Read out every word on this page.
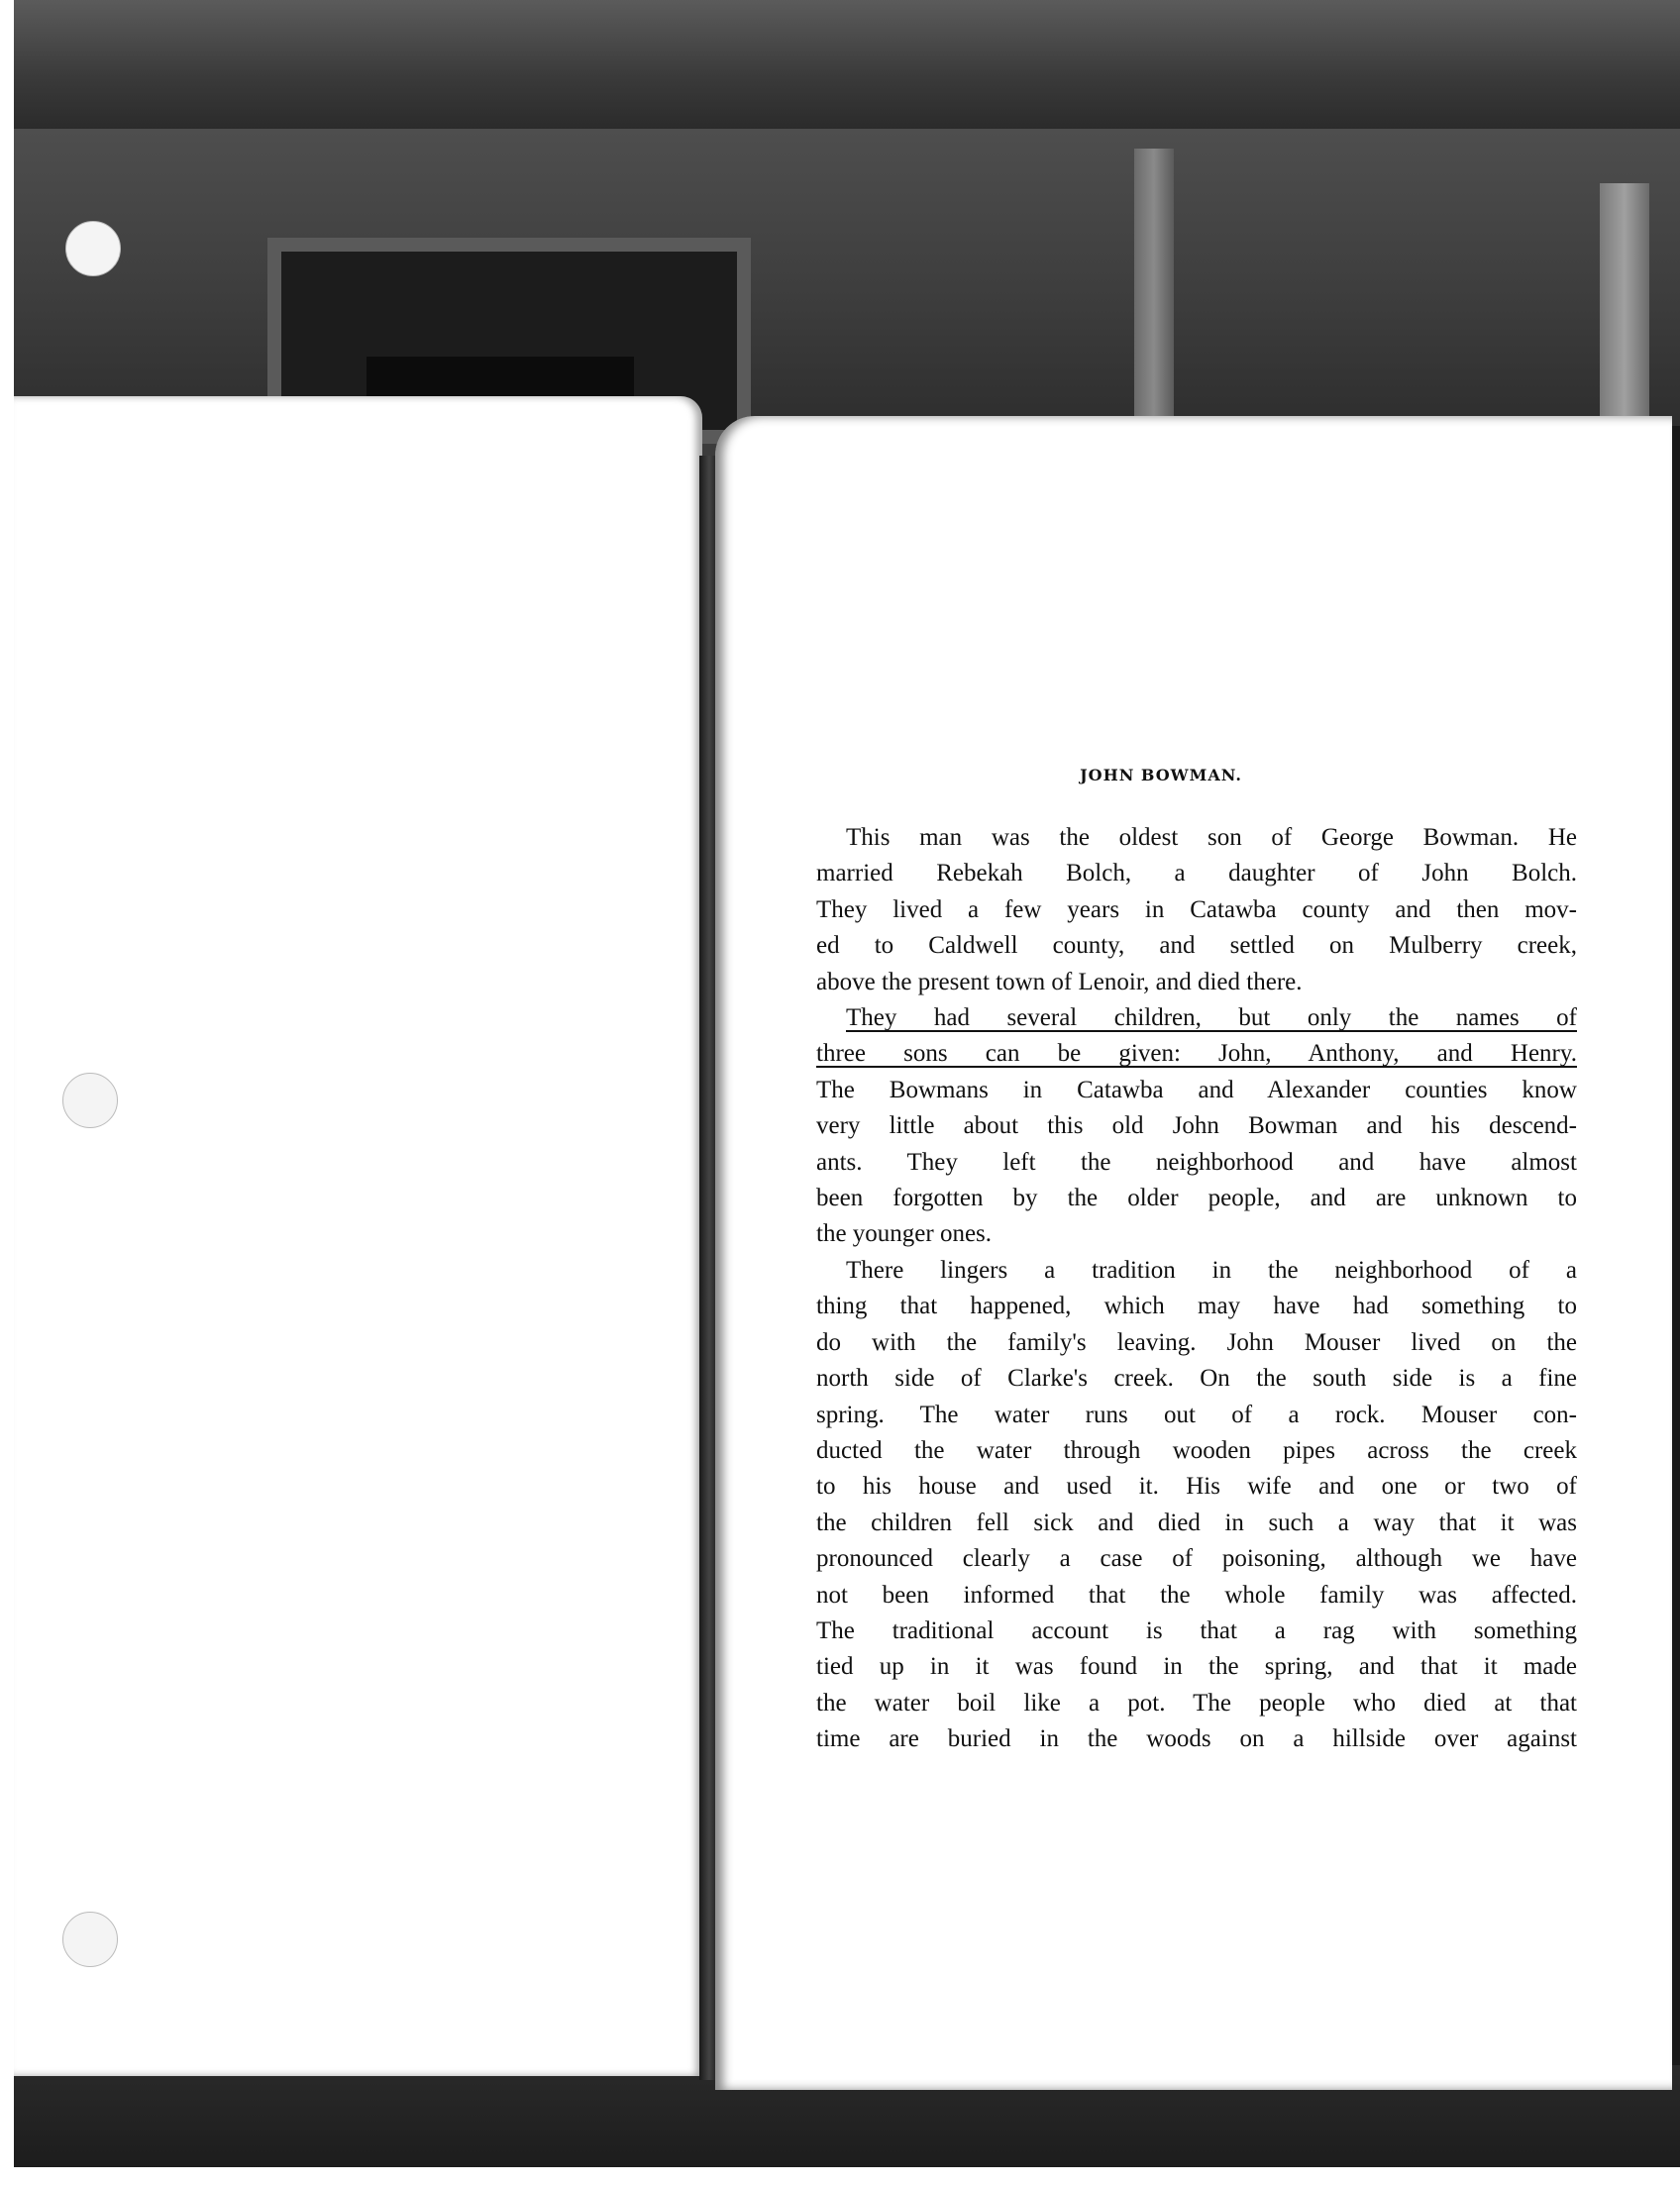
JOHN BOWMAN.
This man was the oldest son of George Bowman. He
married Rebekah Bolch, a daughter of John Bolch.
They lived a few years in Catawba county and then mov-
ed to Caldwell county, and settled on Mulberry creek,
above the present town of Lenoir, and died there.
They had several children, but only the names of
three sons can be given: John, Anthony, and Henry.
The Bowmans in Catawba and Alexander counties know
very little about this old John Bowman and his descend-
ants. They left the neighborhood and have almost
been forgotten by the older people, and are unknown to
the younger ones.
There lingers a tradition in the neighborhood of a
thing that happened, which may have had something to
do with the family's leaving. John Mouser lived on the
north side of Clarke's creek. On the south side is a fine
spring. The water runs out of a rock. Mouser con-
ducted the water through wooden pipes across the creek
to his house and used it. His wife and one or two of
the children fell sick and died in such a way that it was
pronounced clearly a case of poisoning, although we have
not been informed that the whole family was affected.
The traditional account is that a rag with something
tied up in it was found in the spring, and that it made
the water boil like a pot. The people who died at that
time are buried in the woods on a hillside over against
